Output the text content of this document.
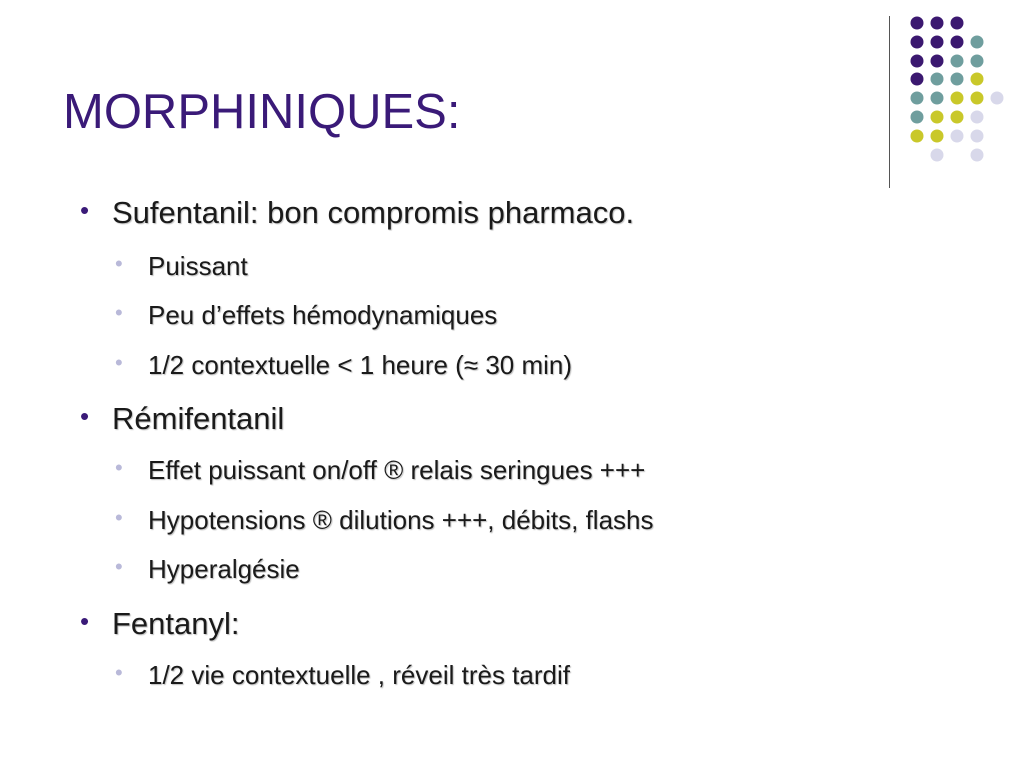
MORPHINIQUES:
• Sufentanil: bon compromis pharmaco.
• Puissant
• Peu d’effets hémodynamiques
• 1/2 contextuelle < 1 heure (≈ 30 min)
• Rémifentanil
• Effet puissant on/off ® relais seringues +++
• Hypotensions ® dilutions +++, débits, flashs
• Hyperalgésie
• Fentanyl:
• 1/2 vie contextuelle , réveil très tardif
